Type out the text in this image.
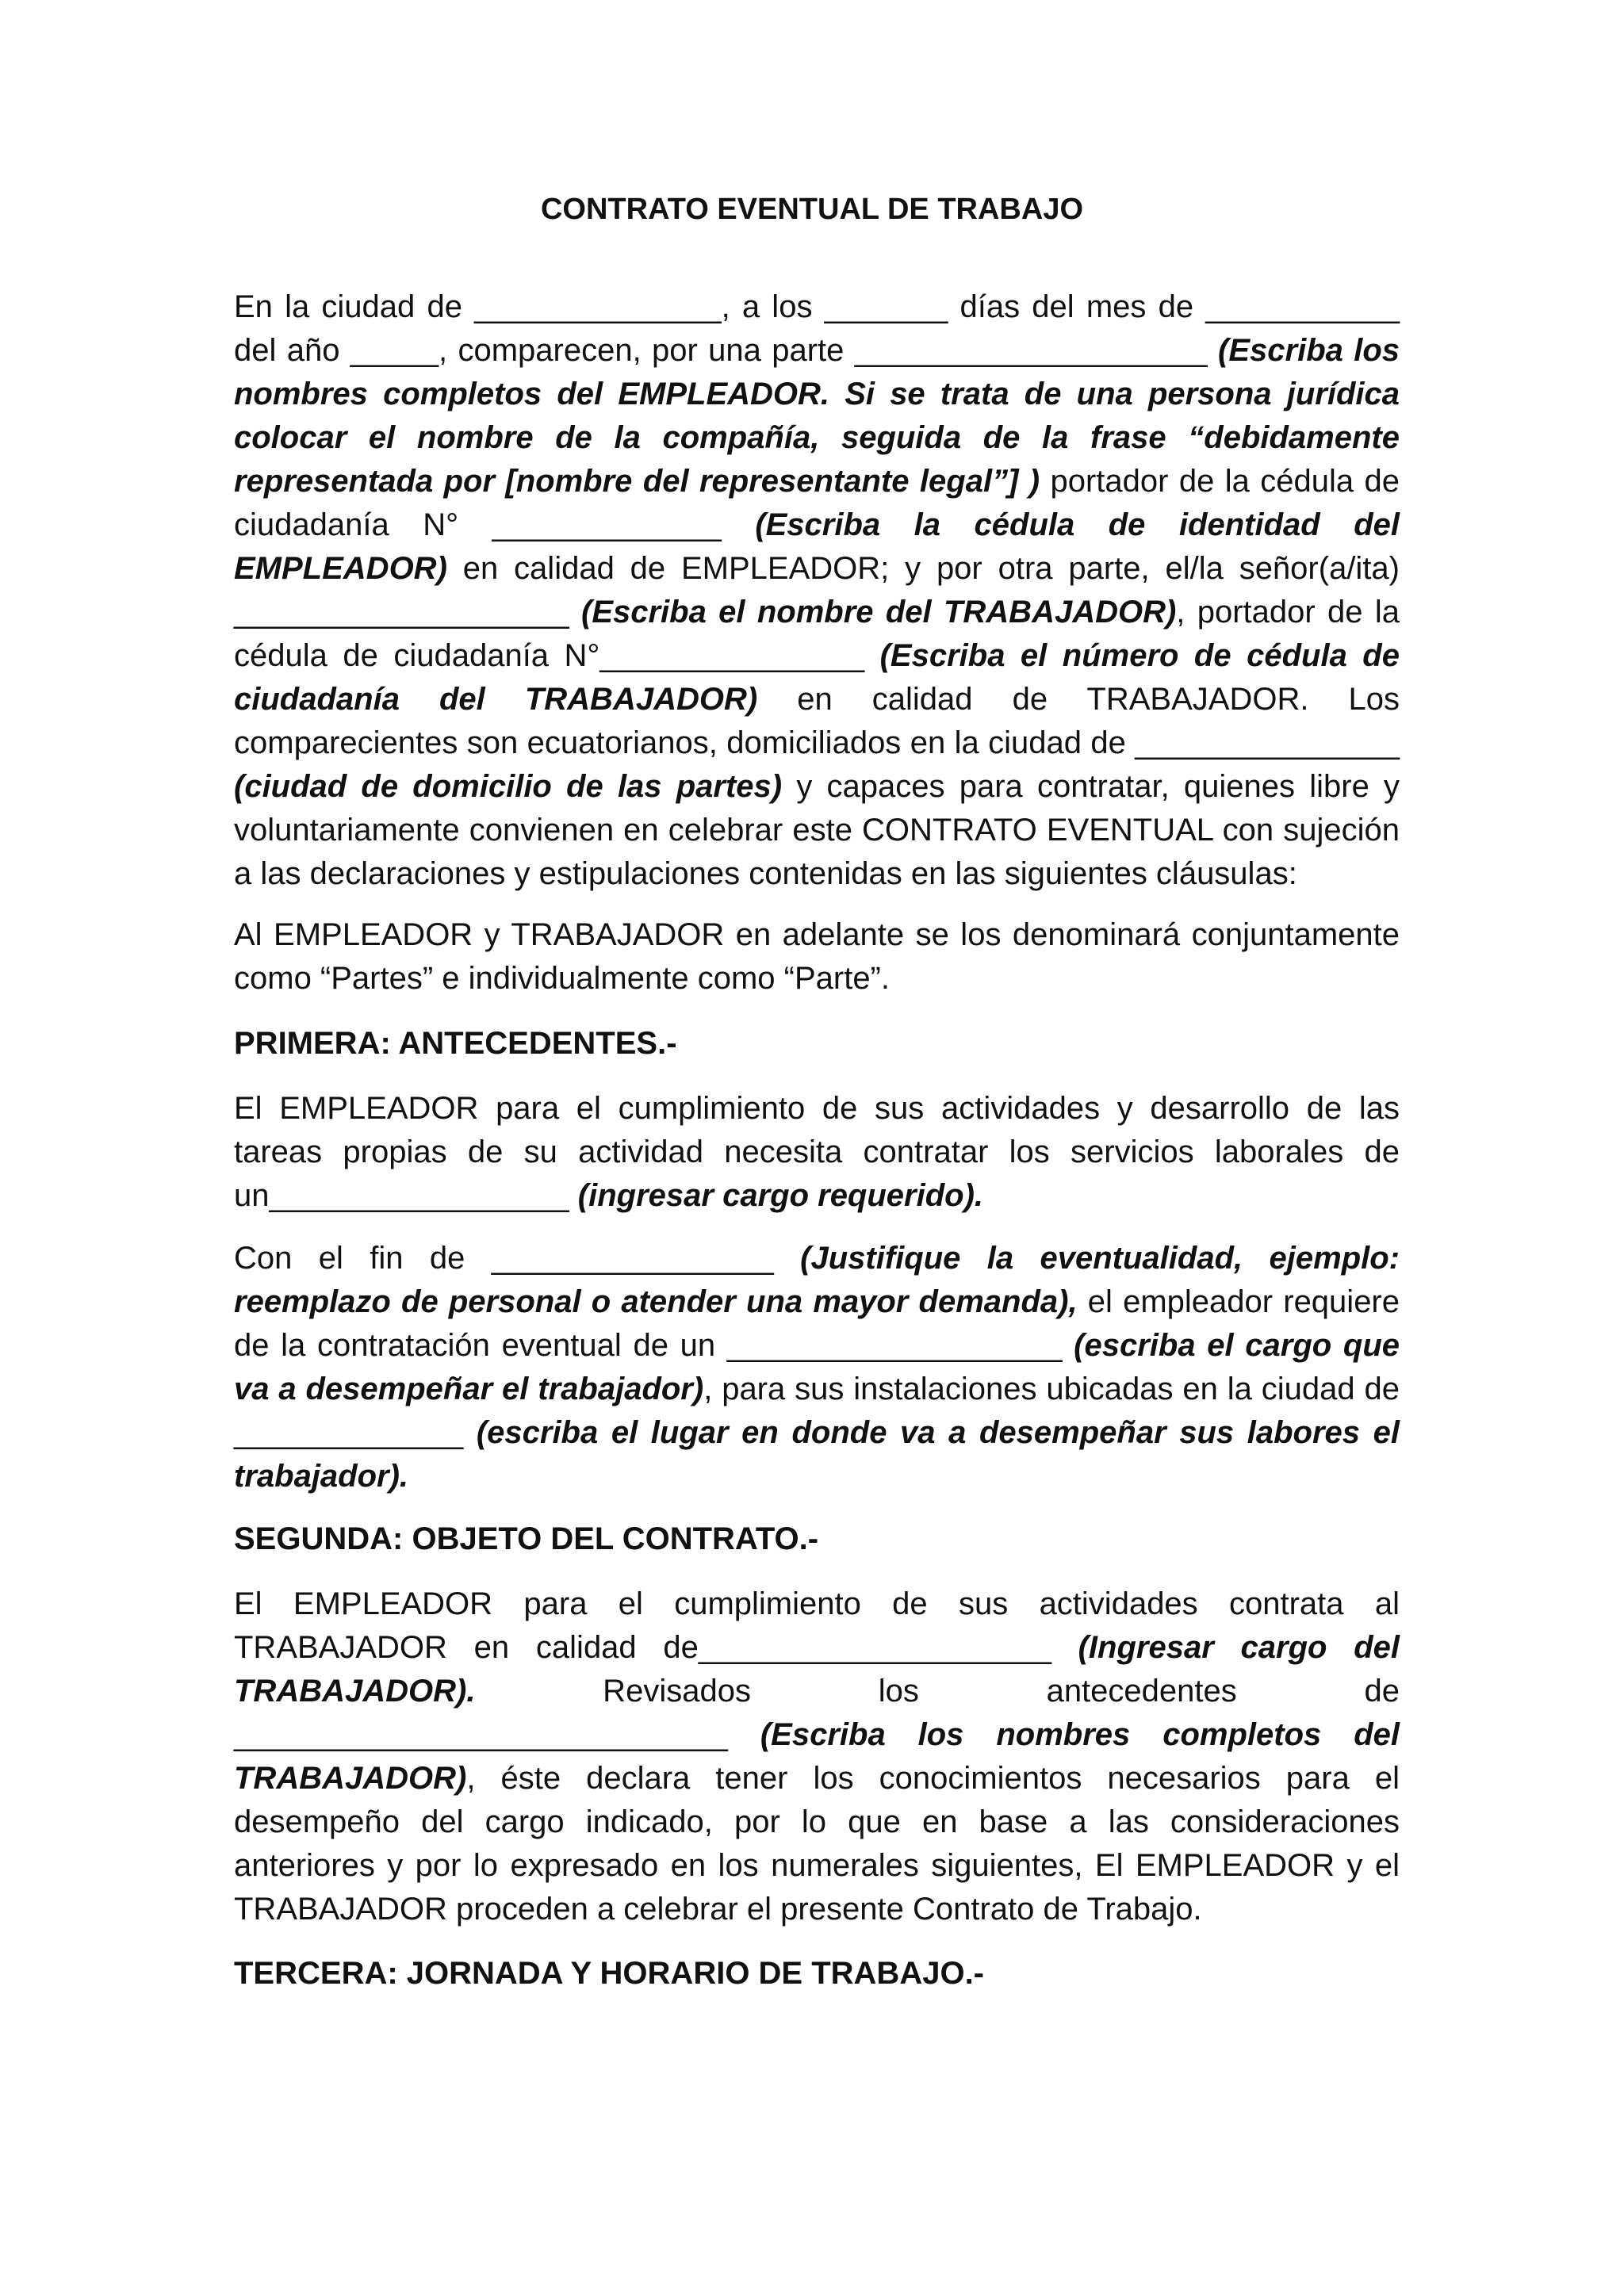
CONTRATO EVENTUAL DE TRABAJO

En la ciudad de ______________, a los _______ días del mes de ___________ del año _____, comparecen, por una parte ____________________ (Escriba los nombres completos del EMPLEADOR. Si se trata de una persona jurídica colocar el nombre de la compañía, seguida de la frase “debidamente representada por [nombre del representante legal”] ) portador de la cédula de ciudadanía N° _____________ (Escriba la cédula de identidad del EMPLEADOR) en calidad de EMPLEADOR; y por otra parte, el/la señor(a/ita) ___________________ (Escriba el nombre del TRABAJADOR), portador de la cédula de ciudadanía N°_______________ (Escriba el número de cédula de ciudadanía del TRABAJADOR) en calidad de TRABAJADOR. Los comparecientes son ecuatorianos, domiciliados en la ciudad de _______________ (ciudad de domicilio de las partes) y capaces para contratar, quienes libre y voluntariamente convienen en celebrar este CONTRATO EVENTUAL con sujeción a las declaraciones y estipulaciones contenidas en las siguientes cláusulas:

Al EMPLEADOR y TRABAJADOR en adelante se los denominará conjuntamente como “Partes” e individualmente como “Parte”.

PRIMERA: ANTECEDENTES.-

El EMPLEADOR para el cumplimiento de sus actividades y desarrollo de las tareas propias de su actividad necesita contratar los servicios laborales de un_________________ (ingresar cargo requerido).

Con el fin de ________________ (Justifique la eventualidad, ejemplo: reemplazo de personal o atender una mayor demanda), el empleador requiere de la contratación eventual de un ___________________ (escriba el cargo que va a desempeñar el trabajador), para sus instalaciones ubicadas en la ciudad de _____________ (escriba el lugar en donde va a desempeñar sus labores el trabajador).

SEGUNDA: OBJETO DEL CONTRATO.-

El EMPLEADOR para el cumplimiento de sus actividades contrata al TRABAJADOR en calidad de____________________ (Ingresar cargo del TRABAJADOR). Revisados los antecedentes de ____________________________ (Escriba los nombres completos del TRABAJADOR), éste declara tener los conocimientos necesarios para el desempeño del cargo indicado, por lo que en base a las consideraciones anteriores y por lo expresado en los numerales siguientes, El EMPLEADOR y el TRABAJADOR proceden a celebrar el presente Contrato de Trabajo.

TERCERA: JORNADA Y HORARIO DE TRABAJO.-
